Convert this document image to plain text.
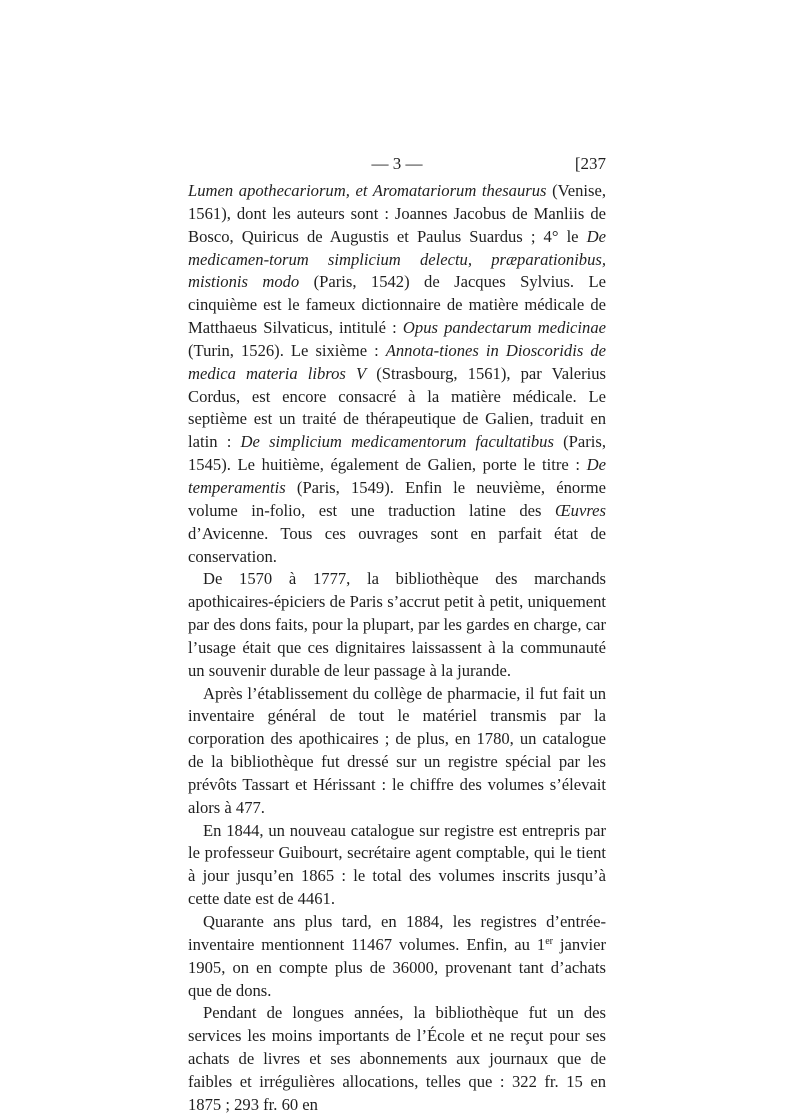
— 3 —	[237

Lumen apothecariorum, et Aromatariorum thesaurus (Venise, 1561), dont les auteurs sont : Joannes Jacobus de Manliis de Bosco, Quiricus de Augustis et Paulus Suardus ; 4° le De medicamen-torum simplicium delectu, præparationibus, mistionis modo (Paris, 1542) de Jacques Sylvius. Le cinquième est le fameux dictionnaire de matière médicale de Matthaeus Silvaticus, intitulé : Opus pandectarum medicinae (Turin, 1526). Le sixième : Annota-tiones in Dioscoridis de medica materia libros V (Strasbourg, 1561), par Valerius Cordus, est encore consacré à la matière médicale. Le septième est un traité de thérapeutique de Galien, traduit en latin : De simplicium medicamentorum facultatibus (Paris, 1545). Le huitième, également de Galien, porte le titre : De temperamentis (Paris, 1549). Enfin le neuvième, énorme volume in-folio, est une traduction latine des Œuvres d’Avicenne. Tous ces ouvrages sont en parfait état de conservation.

De 1570 à 1777, la bibliothèque des marchands apothicaires-épiciers de Paris s’accrut petit à petit, uniquement par des dons faits, pour la plupart, par les gardes en charge, car l’usage était que ces dignitaires laissassent à la communauté un souvenir durable de leur passage à la jurande.

Après l’établissement du collège de pharmacie, il fut fait un inventaire général de tout le matériel transmis par la corporation des apothicaires ; de plus, en 1780, un catalogue de la bibliothèque fut dressé sur un registre spécial par les prévôts Tassart et Hérissant : le chiffre des volumes s’élevait alors à 477.

En 1844, un nouveau catalogue sur registre est entrepris par le professeur Guibourt, secrétaire agent comptable, qui le tient à jour jusqu’en 1865 : le total des volumes inscrits jusqu’à cette date est de 4461.

Quarante ans plus tard, en 1884, les registres d’entrée-inventaire mentionnent 11467 volumes. Enfin, au 1er janvier 1905, on en compte plus de 36000, provenant tant d’achats que de dons.

Pendant de longues années, la bibliothèque fut un des services les moins importants de l’École et ne reçut pour ses achats de livres et ses abonnements aux journaux que de faibles et irrégulières allocations, telles que : 322 fr. 15 en 1875 ; 293 fr. 60 en
